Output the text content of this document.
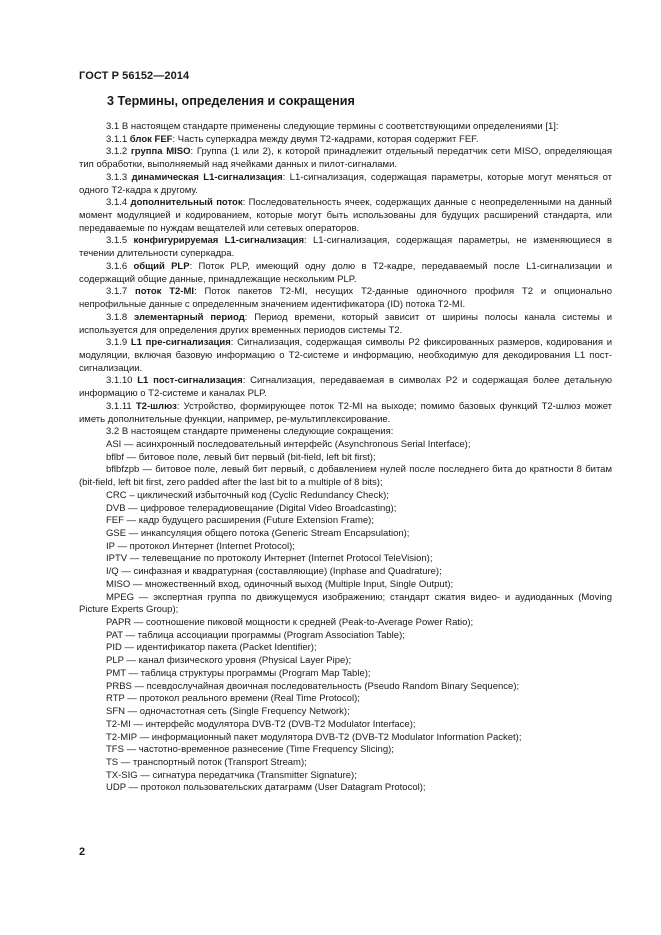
ГОСТ Р 56152—2014
3 Термины, определения и сокращения

3.1 В настоящем стандарте применены следующие термины с соответствующими определениями [1]:

3.1.1 блок FEF: Часть суперкадра между двумя Т2-кадрами, которая содержит FEF.

3.1.2 группа MISO: Группа (1 или 2), к которой принадлежит отдельный передатчик сети MISO, определяющая тип обработки, выполняемый над ячейками данных и пилот-сигналами.

3.1.3 динамическая L1-сигнализация: L1-сигнализация, содержащая параметры, которые могут меняться от одного Т2-кадра к другому.

3.1.4 дополнительный поток: Последовательность ячеек, содержащих данные с неопределенными на данный момент модуляцией и кодированием, которые могут быть использованы для будущих расширений стандарта, или передаваемые по нуждам вещателей или сетевых операторов.

3.1.5 конфигурируемая L1-сигнализация: L1-сигнализация, содержащая параметры, не изменяющиеся в течении длительности суперкадра.

3.1.6 общий PLP: Поток PLP, имеющий одну долю в Т2-кадре, передаваемый после L1-сигнализации и содержащий общие данные, принадлежащие нескольким PLP.

3.1.7 поток T2-MI: Поток пакетов Т2-MI, несущих Т2-данные одиночного профиля Т2 и опционально непрофильные данные с определенным значением идентификатора (ID) потока Т2-MI.

3.1.8 элементарный период: Период времени, который зависит от ширины полосы канала системы и используется для определения других временных периодов системы Т2.

3.1.9 L1 пре-сигнализация: Сигнализация, содержащая символы Р2 фиксированных размеров, кодирования и модуляции, включая базовую информацию о Т2-системе и информацию, необходимую для декодирования L1 пост-сигнализации.

3.1.10 L1 пост-сигнализация: Сигнализация, передаваемая в символах Р2 и содержащая более детальную информацию о Т2-системе и каналах PLP.

3.1.11 Т2-шлюз: Устройство, формирующее поток Т2-MI на выходе; помимо базовых функций Т2-шлюз может иметь дополнительные функции, например, ре-мультиплексирование.

3.2 В настоящем стандарте применены следующие сокращения:

ASI — асинхронный последовательный интерфейс (Asynchronous Serial Interface);

bflbf — битовое поле, левый бит первый (bit-field, left bit first);

bflbfzpb — битовое поле, левый бит первый, с добавлением нулей после последнего бита до кратности 8 битам (bit-field, left bit first, zero padded after the last bit to a multiple of 8 bits);

CRC – циклический избыточный код (Cyclic Redundancy Check);

DVB — цифровое телерадиовещание (Digital Video Broadcasting);

FEF — кадр будущего расширения (Future Extension Frame);

GSE — инкапсуляция общего потока (Generic Stream Encapsulation);

IP — протокол Интернет (Internet Protocol);

IPTV — телевещание по протоколу Интернет (Internet Protocol TeleVision);

I/Q — синфазная и квадратурная (составляющие) (Inphase and Quadrature);

MISO — множественный вход, одиночный выход (Multiple Input, Single Output);

MPEG — экспертная группа по движущемуся изображению; стандарт сжатия видео- и аудиоданных (Moving Picture Experts Group);

PAPR — соотношение пиковой мощности к средней (Peak-to-Average Power Ratio);

PAT — таблица ассоциации программы (Program Association Table);

PID — идентификатор пакета (Packet Identifier);

PLP — канал физического уровня (Physical Layer Pipe);

PMT — таблица структуры программы (Program Map Table);

PRBS — псевдослучайная двоичная последовательность (Pseudo Random Binary Sequence);

RTP — протокол реального времени (Real Time Protocol);

SFN — одночастотная сеть (Single Frequency Network);

T2-MI — интерфейс модулятора DVB-T2 (DVB-T2 Modulator Interface);

T2-MIP — информационный пакет модулятора DVB-T2 (DVB-T2 Modulator Information Packet);

TFS — частотно-временное разнесение (Time Frequency Slicing);

TS — транспортный поток (Transport Stream);

TX-SIG — сигнатура передатчика (Transmitter Signature);

UDP — протокол пользовательских датаграмм (User Datagram Protocol);

2
